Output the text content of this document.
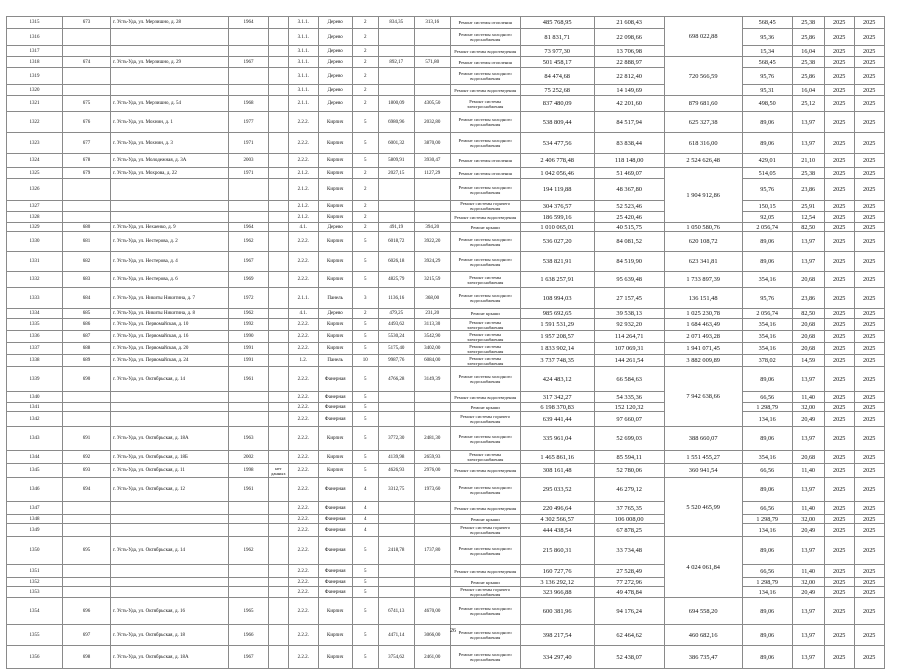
1315	673	г. Усть-Уда, ул. Мерзишно, д. 28	1964		3.1.1.	Дерево	2	834,35	313,16	Ремонт системы отопления	485 768,95	21 608,43	698 022,88	568,45	25,38	2025	2025
1316					3.1.1.	Дерево	2			Ремонт системы холодного водоснабжения	81 831,71	22 098,66		95,36	25,86	2025	2025
1317					3.1.1.	Дерево	2			Ремонт системы водоотведения	73 977,30	13 706,98		15,34	16,04	2025	2025
1318	674	г. Усть-Уда, ул. Мерзишно, д. 29	1967		3.1.1.	Дерево	2	892,17	571,80	Ремонт системы отопления	501 458,17	22 888,97	720 566,59	568,45	25,38	2025	2025
1319					3.1.1.	Дерево	2			Ремонт системы холодного водоснабжения	84 474,68	22 812,40		95,76	25,86	2025	2025
1320					3.1.1.	Дерево	2			Ремонт системы водоотведения	75 252,68	14 149,69		95,31	16,04	2025	2025
1321	675	г. Усть-Уда, ул. Мерзишно, д. 54	1968		2.1.1.	Дерево	2	1800,09	4305,50	Ремонт системы электроснабжения	837 480,09	42 201,60	879 681,60	498,50	25,12	2025	2025
1322	676	г. Усть-Уда, ул. Мохнин, д. 1	1977		2.2.2.	Кирпич	5	6980,96	2032,80	Ремонт системы холодного водоснабжения	538 809,44	84 517,94	625 327,38	89,06	13,97	2025	2025
1323	677	г. Усть-Уда, ул. Мохнин, д. 3	1971		2.2.2.	Кирпич	5	6001,32	3870,00	Ремонт системы холодного водоснабжения	534 477,56	83 838,44	618 316,00	89,06	13,97	2025	2025
1324	678	г. Усть-Уда, ул. Молодежная, д. 3А	2003		2.2.2.	Кирпич	5	5809,91	3930,47	Ремонт системы отопления	2 406 778,48	118 148,00	2 524 626,48	429,01	21,10	2025	2025
1325	679	г. Усть-Уда, ул. Мохрова, д. 22	1971		2.1.2.	Кирпич	2	2027,15	1127,29	Ремонт системы отопления	1 042 056,46	51 469,07	1 904 912,86	514,05	25,38	2025	2025
1326					2.1.2.	Кирпич	2			Ремонт системы холодного водоснабжения	194 119,88	48 367,80		95,76	23,86	2025	2025
1327					2.1.2.	Кирпич	2			Ремонт системы горячего водоснабжения	304 376,57	52 523,46		150,15	25,91	2025	2025
1328					2.1.2.	Кирпич	2			Ремонт системы водоотведения	186 599,16	25 420,46		92,05	12,54	2025	2025
1329	680	г. Усть-Уда, ул. Нехаенко, д. 9	1964		4.1.	Дерево	2	491,19	394,20	Ремонт крыши	1 010 065,01	40 515,75	1 050 580,76	2 056,74	82,50	2025	2025
1330	681	г. Усть-Уда, ул. Нестерова, д. 2	1962		2.2.2.	Кирпич	5	6018,72	3922,20	Ремонт системы холодного водоснабжения	536 027,20	84 081,52	620 108,72	89,06	13,97	2025	2025
1331	682	г. Усть-Уда, ул. Нестерова, д. 4	1967		2.2.2.	Кирпич	5	6026,18	3924,29	Ремонт системы холодного водоснабжения	538 821,91	84 519,90	623 341,81	89,06	13,97	2025	2025
1332	683	г. Усть-Уда, ул. Нестерова, д. 6	1969		2.2.2.	Кирпич	5	4825,79	3215,59	Ремонт системы электроснабжения	1 638 257,91	95 639,48	1 733 897,39	354,16	20,68	2025	2025
1333	684	г. Усть-Уда, ул. Никиты Никитина, д. 7	1972		2.1.1.	Панель	3	1136,16	368,00	Ремонт системы холодного водоснабжения	108 994,03	27 157,45	136 151,48	95,76	23,86	2025	2025
1334	685	г. Усть-Уда, ул. Никиты Никитина, д. 8	1962		4.1.	Дерево	2	479,25	231,20	Ремонт крыши	985 692,65	39 538,13	1 025 230,78	2 056,74	82,50	2025	2025
1335	686	г. Усть-Уда, ул. Первомайская, д. 10	1992		2.2.2.	Кирпич	5	4493,62	3113,30	Ремонт системы электроснабжения	1 591 531,29	92 932,20	1 684 463,49	354,16	20,68	2025	2025
1336	687	г. Усть-Уда, ул. Первомайская, д. 16	1990		2.2.2.	Кирпич	5	5530,24	3542,90	Ремонт системы электроснабжения	1 957 208,57	114 264,71	2 071 493,28	354,16	20,68	2025	2025
1337	688	г. Усть-Уда, ул. Первомайская, д. 20	1991		2.2.2.	Кирпич	5	5175,40	3402,00	Ремонт системы электроснабжения	1 833 902,14	107 069,31	1 941 071,45	354,16	20,68	2025	2025
1338	689	г. Усть-Уда, ул. Первомайская, д. 24	1991		1.2.	Панель	10	9987,76	6084,00	Ремонт системы электроснабжения	3 737 748,35	144 261,54	3 882 009,89	378,02	14,59	2025	2025
1339	690	г. Усть-Уда, ул. Октябрьская, д. 14	1961		2.2.2.	Фанерная	5	4766,28	3149,39	Ремонт системы холодного водоснабжения	424 483,12	66 584,63	7 942 638,66	89,06	13,97	2025	2025
1340					2.2.2.	Фанерная	5			Ремонт системы водоотведения	317 342,27	54 335,36		66,56	11,40	2025	2025
1341					2.2.2.	Фанерная	5			Ремонт крыши	6 198 370,83	152 120,32		1 298,79	32,00	2025	2025
1342					2.2.2.	Фанерная	5			Ремонт системы горячего водоснабжения	639 441,44	97 660,07		134,16	20,49	2025	2025
1343	691	г. Усть-Уда, ул. Октябрьская, д. 18А	1963		2.2.2.	Кирпич	5	3772,30	2481,30	Ремонт системы холодного водоснабжения	335 961,04	52 699,03	388 660,07	89,06	13,97	2025	2025
1344	692	г. Усть-Уда, ул. Октябрьская, д. 18Б	2002		2.2.2.	Кирпич	5	4139,98	2659,93	Ремонт системы электроснабжения	1 465 861,16	85 594,11	1 551 455,27	354,16	20,68	2025	2025
1345	693	г. Усть-Уда, ул. Октябрьская, д. 11	1998	нет данных	2.2.2.	Кирпич	5	4626,93	2976,00	Ремонт системы водоотведения	308 161,48	52 780,06	360 941,54	66,56	11,40	2025	2025
1346	694	г. Усть-Уда, ул. Октябрьская, д. 12	1961		2.2.2.	Фанерная	4	3312,75	1973,60	Ремонт системы холодного водоснабжения	295 033,52	46 279,12	5 520 465,99	89,06	13,97	2025	2025
1347					2.2.2.	Фанерная	4			Ремонт системы водоотведения	220 496,64	37 765,35		66,56	11,40	2025	2025
1348					2.2.2.	Фанерная	4			Ремонт крыши	4 302 566,57	106 008,00		1 298,79	32,00	2025	2025
1349					2.2.2.	Фанерная	4			Ремонт системы горячего водоснабжения	444 438,54	67 878,25		134,16	20,49	2025	2025
1350	695	г. Усть-Уда, ул. Октябрьская, д. 14	1962		2.2.2.	Фанерная	5	2418,78	1737,80	Ремонт системы холодного водоснабжения	215 860,31	33 734,48	4 024 061,84	89,06	13,97	2025	2025
1351					2.2.2.	Фанерная	5			Ремонт системы водоотведения	160 727,76	27 528,49		66,56	11,40	2025	2025
1352					2.2.2.	Фанерная	5			Ремонт крыши	3 136 292,12	77 272,96		1 298,79	32,00	2025	2025
1353					2.2.2.	Фанерная	5			Ремонт системы горячего водоснабжения	323 966,88	49 478,84		134,16	20,49	2025	2025
1354	696	г. Усть-Уда, ул. Октябрьская, д. 16	1965		2.2.2.	Кирпич	5	6741,13	4670,00	Ремонт системы холодного водоснабжения	600 381,96	94 176,24	694 558,20	89,06	13,97	2025	2025
1355	697	г. Усть-Уда, ул. Октябрьская, д. 18	1966		2.2.2.	Кирпич	5	4471,14	3066,00	Ремонт системы холодного водоснабжения	398 217,54	62 464,62	460 682,16	89,06	13,97	2025	2025
1356	698	г. Усть-Уда, ул. Октябрьская, д. 18А	1967		2.2.2.	Кирпич	5	3754,62	2461,00	Ремонт системы холодного водоснабжения	334 297,40	52 438,07	386 735,47	89,06	13,97	2025	2025
26
